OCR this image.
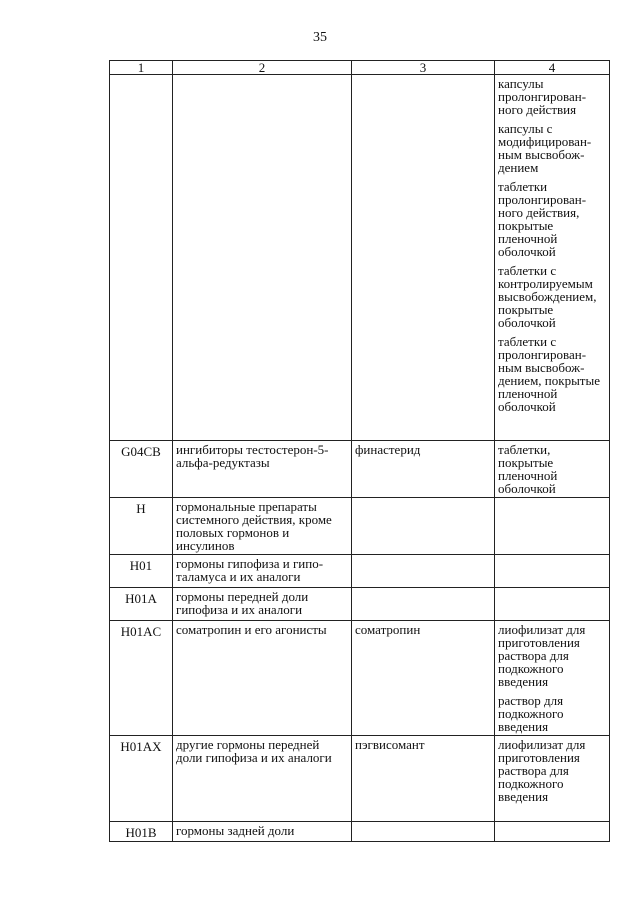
35
1	2	3	4

			капсулы пролонгирован-ного действия
капсулы с модифицирован-ным высвобож-дением
таблетки пролонгирован-ного действия, покрытые пленочной оболочкой
таблетки с контролируемым высвобождением, покрытые оболочкой
таблетки с пролонгирован-ным высвобож-дением, покрытые пленочной оболочкой

G04CB	ингибиторы тестостерон-5-альфа-редуктазы	финастерид	таблетки, покрытые пленочной оболочкой

H	гормональные препараты системного действия, кроме половых гормонов и инсулинов		
H01	гормоны гипофиза и гипо-таламуса и их аналоги		
H01A	гормоны передней доли гипофиза и их аналоги		
H01AC	соматропин и его агонисты	соматропин	лиофилизат для приготовления раствора для подкожного введения
раствор для подкожного введения

H01AX	другие гормоны передней доли гипофиза и их аналоги	пэгвисомант	лиофилизат для приготовления раствора для подкожного введения

H01B	гормоны задней доли		
